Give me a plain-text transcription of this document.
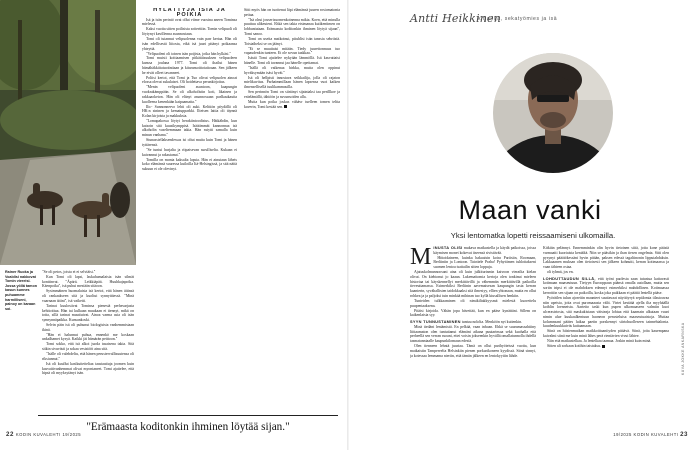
Rainer Ruoka ja Voaldisi nakkovat Tomin viereisi. Jossa yöllä tamon kasun kunnes puhuamme harmilliseni, painoy on karaan soi.

"Se oli petos, joista ei ei selviäisi."

Kun Tomi oli lapsi, laskuhumalaisia isän silmät konttinvat. "Äpärä. Leikkiäpää. Huuhkajapoika. Käenpoika", isä puhui mestään sitäoon.

Sysimmäinen huomalaisia isä kertoi, että hänen äitinsä oli rankaakseen sitä ja kuoltut synnyttäessä. "Minä vaarnaan äitini", isä vaiketti.

Tarinat kuulostivat Tominsa pienestä perhesarjasta kehitoittua. Hän tai kulkaan muukaan ei tiennyt, mikä on totta, sillä tarinat muuttuivat. Ainoa varma asia oli isän synnynnäpaikka. Kunsankoski.

Selvin päin isä oli puhunut biologisista vanhemmistaan ikinä.

"Hän ei halunnut puhua, ennenkö me koskaan unkalhamet kysyä. Kaikki jäi hämärän peittoon."

Tomi sokko, että isä alkoi juoda tasaisena takia. Sitä sitkin sivuvästi ja sokaa vesistööt aina sitä.

"Isälle oli valehdeltu, että hänen perustervallisuutensa oli riksiunnut."

Isä oli kuullut kasikuttetteliaa taastaattuja joomen kuin kasvattivanhemmat olivat myontaneet. Tomi ajatteleе, että hipsä oli myyksytänyt isän.

HYLÄTTYJÄ ISIÄ JA POIKIA

Isä ja isän perintö ovat ollut viime vuosina aneen Tominsa mielessä.

Kaksi vuotta sitten poilisista sotterttiin. Tomin velipuoli oli löytynyt kavillenna asunnostaan.

Tomi oli tutannut velipuolenna vain parr kertaa. Hän oli isän edellisestä liitosta, eikä isä juuri pitänyt poikaansa yhteyttä.

"Velipuoleni oli toinen isän poijista, jotka hän hylkäsi."

Tomi muisti koittaamisen pitkätäisuuksen velipuoleen kanssa joulana 1977. Tomi oli ihailut hänen hämähäkkiitatuoitntiaan ja kitaransoittotaitoaan. Sen jälkeen he eivät olleet tavanneet.

Poliisi kertoi, että Tomi ja Tuo olivat velipuolen ainoat elossa olevat sukulaiset. Oli hoidettava perunkirjoitus.

"Menin velipuoleni asuntoon, kaapungin vuokrakämppään. Se oli alkoholistin koti, likainen ja rakkaaoketon. Hän oli elänyt asunnossaan parlkaukauttа kuolleena kenenkään kaipaamatta."

Ilic- Sunnonnervo lehti oli auki. Kelttiön pöydällä oli HK:n sininen ja kematupparkki. Ilteisen lattia oli täynnä Kolan kirjoista ja makkuksia.

"Lomapakossa löytyi herakiintoodistus. Hätkähdin, kun katsoin sitä kuusikymppisä. Isäätimmät kannonnaa isä alkoholin vaseltemmaan takia. Hän ruiytti samalla kuin minun vanhana."

Stunasstellaksendessas isi oltut muita kuin Tomi ja hänen tyttärensä.

"Se tuntui hurjalta ja riipaisevan surulliselta. Kukaan ei kaivannut ja rakastanut."

Tomilla on monta kaksalta lapsia. Hän ei ainutaan läheis koko elämänsä suuressa kuiloilla Itä-Helsingissä, ja sitä näitä sukuun ei ole olevinyt.

Sitti myös hän on tuottenut läpi elämänsä juuren rostomatonia pettua.

"Isä olrui jouserisuomenkoinenna mikia. Koen, että minulla puuttuu alikeuteni. Ehkä sen takia etsimanaa kuiikentimen on lobbuntutaan. Erämaasta koditonkin ihminen löytyä sijaan", Tomi sanoo.

Tomi on useita matkoinut, pituhlisi isän tanssia sehrtistä. Toistaiheksi se on jäänyt.

"Et se muuttaisi mitään. Tiedy juurettonnuus tuo vapaudenkin tunteen. Et ole sovun taakkaa."

Isästä Tomi ajatteleе nykyään lämmöllä. Isä kasvattaisi hänelle. Tomi oli tavannut jaa hänelle opettamat.

"Isällä oli vaikenaa hirkka, mutta olen oppinut hyväksymään isäsi hyväi."

Isä oli hellpisti innostava seikkailija, jolla oli rajaton mielikuvitus. Parhaimmillaan hänen lapsensa vuoi kaiken ilmensellisellä tuulikammasilla.

Sen perinnön Tomi on siirtänyt sijainiaksi taa perillkoe ja eräelämällä, tähtöön ja suvunsoiden alla.

Mutta kun poika joskus vähävr tuelleen tomen teltta kaverin, Tomi kestää sen.

"Erämaasta koditonkin ihminen löytää sijan."
22 KODIN KUVALEHTI 19/2025
Antti Heikkinen
kirjailija, sekatyömies ja isä
Maan vanki
Yksi lentomatka lopetti reissaamiseni ulkomailla.

MINUSTA OLISI mukava matkustella ja käydä paikoissa, joissa käymisen monet kokevat itseensä sivistävää.

Hittoidaineen, kuinka hakuaisin koira Pariisiin, Roomaan, Berliiniin ja Lontoon. Taiottele Praha! Pyhyttimen tuhlottakseni suomen lentoa tsattailin sitten loppuja.

Ajatuskolmannoosani aina oli kuin julkiturismin kaivoon vierailta kielan olivat. On kiehtonut jo kaaan. Lukemattomia kertoja olen tonkinut mieleen historiaa tai käyskennellyt merkittävillä ja vähemmän merkittävillä paikoilla tieveuttamassa. Esimerkiksi Berliinin aavemaisesan kaupungin tasta kerran kaanterin, syvähallisten taidokkaaksi sitä ilmestyy, ellien yhtonaan, mutta en ollut rohkea ja ja paljoksi tuin minkää mihinan tuo kyllä kiusallisen henkiin.

Tunteiden tulkkaaminen oli nimikiltakkyysmä mielestä kuorettelu puupentaaksena.

Pitäisi kirjoida. Vähän jopa hävettää, kun en pääse kynättäni. Sillem on kaikenlaisia syy.

SYYN TUNNUSTAMINEN tuntuu nololta. Menköön nyt kuitenkin.

Minä tiedänt lentämistä. En pelkää, vaan inhoan. Ehkä se suuramassahtiiny liittaamaton olen tuntuttanut elämäni aikana puutarinsaa sekä kuohalla että perheellä sen verran ruoani, ettei voisin jokseenkin hyvällä omallatunnolla ihdellä tasmatanniaalle kaupunkilomaan edestä.

Olen tienneen lehntä juuriaa. Tämä on ollut parihyöteissä vuotta, kun matkaistin Tampereelta Helsinkiin pienen porkurikoneen kyydissä. Siinä sinnyi, ja kotessaa lemmama nieriin, että tämän jälkeen en lentokyytiin lähde.

Kitkiän pelännyt. Ennemminkin olin hyvin tietoinen siitä, jotta kone päästä varmaatti kuoriaista kentältä. Niin se pääsikin ja ihan tiesen ongelmia. Sitti olen pysynyt pääätökessäni hyvin pitään, paksen edessä tagaltinonin lipputahdaksin. Lakkaaanen muksan olen tietoisesti sen jälkeen kohnutti, kerran kotimaassa ja vaan tähteen ostaa.

oli tyhmä, jos en.

LOHDUTTAUDUN SILLÄ, että työni paolesta saan tutustua kattavasti kotimaan maaseutuun. Tietyyn Eurooppaan päänsä omalla autollaan, mutta sen sortin tripsi ei ole mahdoksen edennyt esimerkiksi mahdollinen. Kotimaassa kerrottiin sen sijaan on paikoilla, koska joka paikkaan ei päätiä lentellä pääse.

Pyöräilen tulun ajoreitin maanteet suuttavaat näyttöyryä sepälomia tilastoavaa niin upeisia, joita ovat puromaaasta välit. Virtet kestäää ajella ilta myyhäällä koiblin loenneista. Aarteito taski kun pupen ulkomaaseen valmiin kuoi ulcerastriosta, sitä maskukistaan väisteaja lohtua että kaarnain alkutaan vuuri nimin alue kuukaalkentuun haoneon perusteluisa maaseutuaistoja. Muttaa kolumnsani päätes luikaa paetin porskennyt siirtohuolleseen tainnehtalonta. kuudenkuukkuiväs kuttaamaan.

Siinä on hiisienmatkan maikkoittaaniiyden pitäävä. Siinä, joita kauempana kaivalmi siinä me kuin minä lähes perä rientävien vivut lähtee.

Niin että matkustelkaa. Ja lentelkaa taamaa. Joskin minä kuin minä.

Sitten ali sorkaan kotihin taistaksu.	KUVA JOKKE ANKARNSKA
19/2025 KODIN KUVALEHTI 23
